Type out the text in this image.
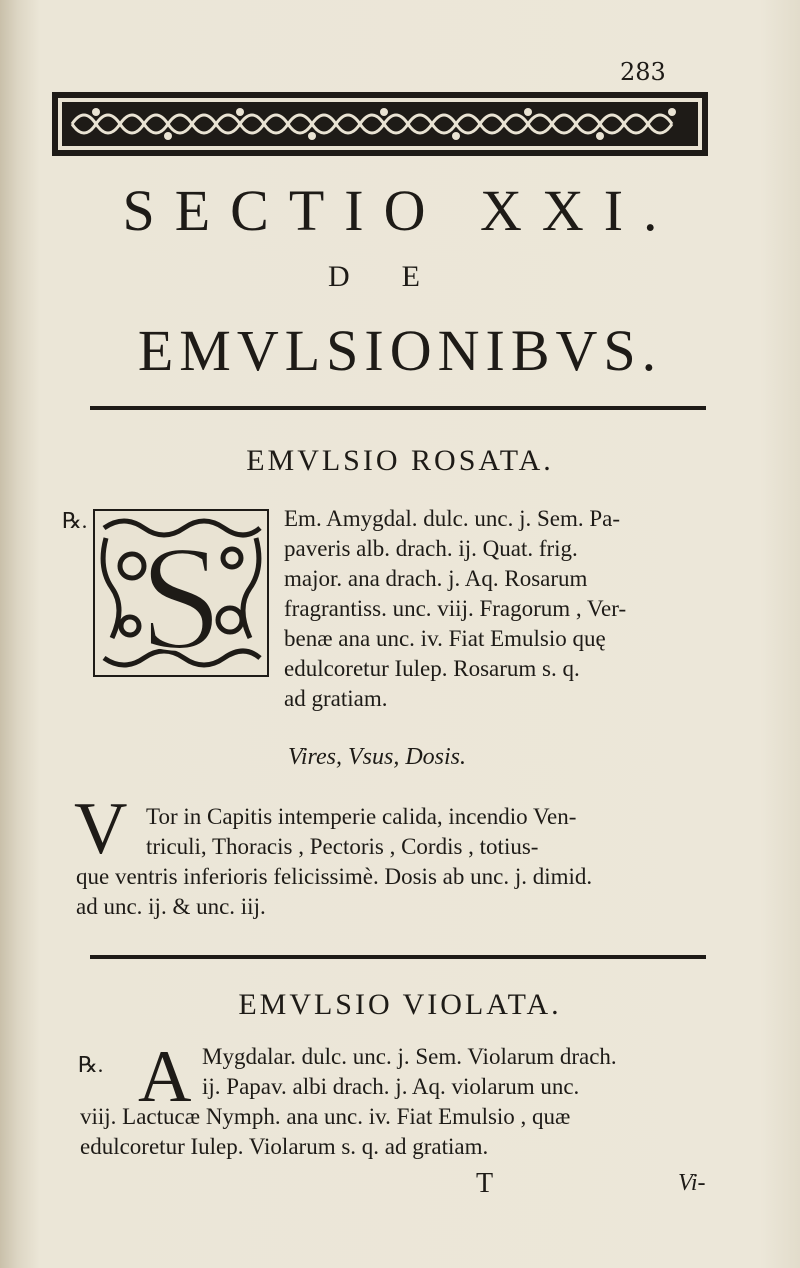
283
SECTIO XXI.
DE
EMVLSIONIBVS.
EMVLSIO ROSATA.
℞. S	Em. Amygdal. dulc. unc. j. Sem. Pa-
paveris alb. drach. ij. Quat. frig.
major. ana drach. j. Aq. Rosarum
fragrantiss. unc. viij. Fragorum , Ver-
benæ ana unc. iv. Fiat Emulsio quę
edulcoretur Iulep. Rosarum s. q.
ad gratiam.
Vires, Vsus, Dosis.
V Tor in Capitis intemperie calida, incendio Ven-
triculi, Thoracis , Pectoris , Cordis , totius-
que ventris inferioris felicissimè. Dosis ab unc. j. dimid.
ad unc. ij. & unc. iij.
EMVLSIO VIOLATA.
℞. A Mygdalar. dulc. unc. j. Sem. Violarum drach.
ij. Papav. albi drach. j. Aq. violarum unc.
viij. Lactucæ Nymph. ana unc. iv. Fiat Emulsio , quæ
edulcoretur Iulep. Violarum s. q. ad gratiam.
T	Vi-
